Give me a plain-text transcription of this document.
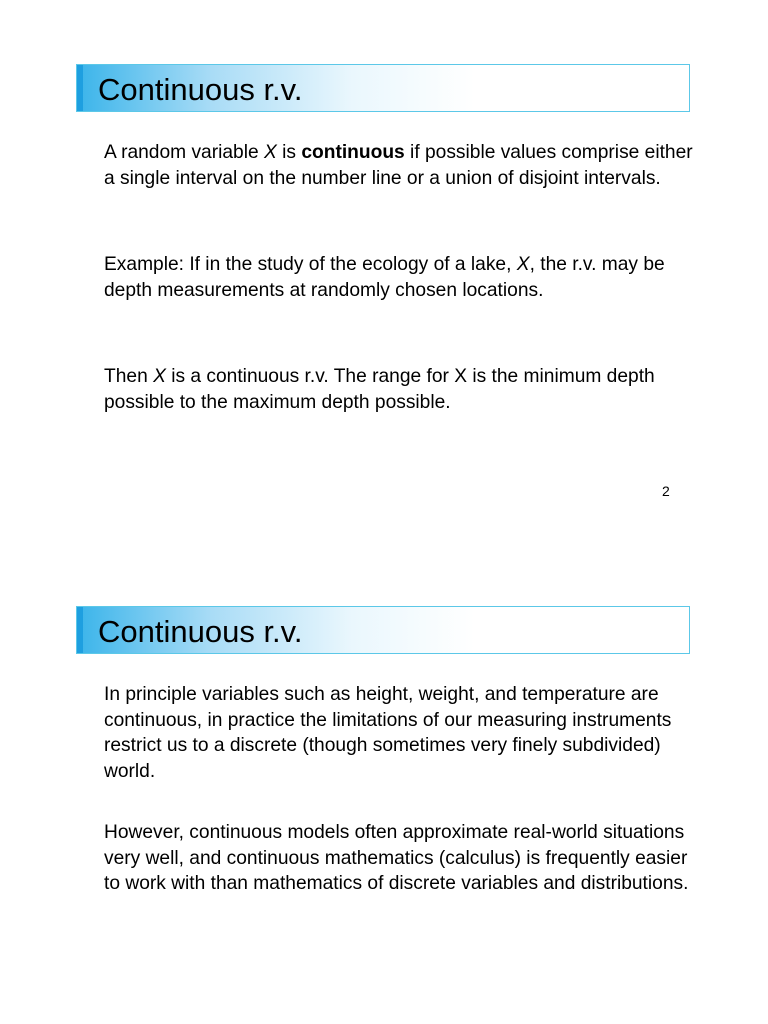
Continuous r.v.

A random variable X is continuous if possible values comprise either a single interval on the number line or a union of disjoint intervals.

Example: If in the study of the ecology of a lake, X, the r.v. may be depth measurements at randomly chosen locations.

Then X is a continuous r.v. The range for X is the minimum depth possible to the maximum depth possible.

2
Continuous r.v.

In principle variables such as height, weight, and temperature are continuous, in practice the limitations of our measuring instruments restrict us to a discrete (though sometimes very finely subdivided) world.

However, continuous models often approximate real-world situations very well, and continuous mathematics (calculus) is frequently easier to work with than mathematics of discrete variables and distributions.
